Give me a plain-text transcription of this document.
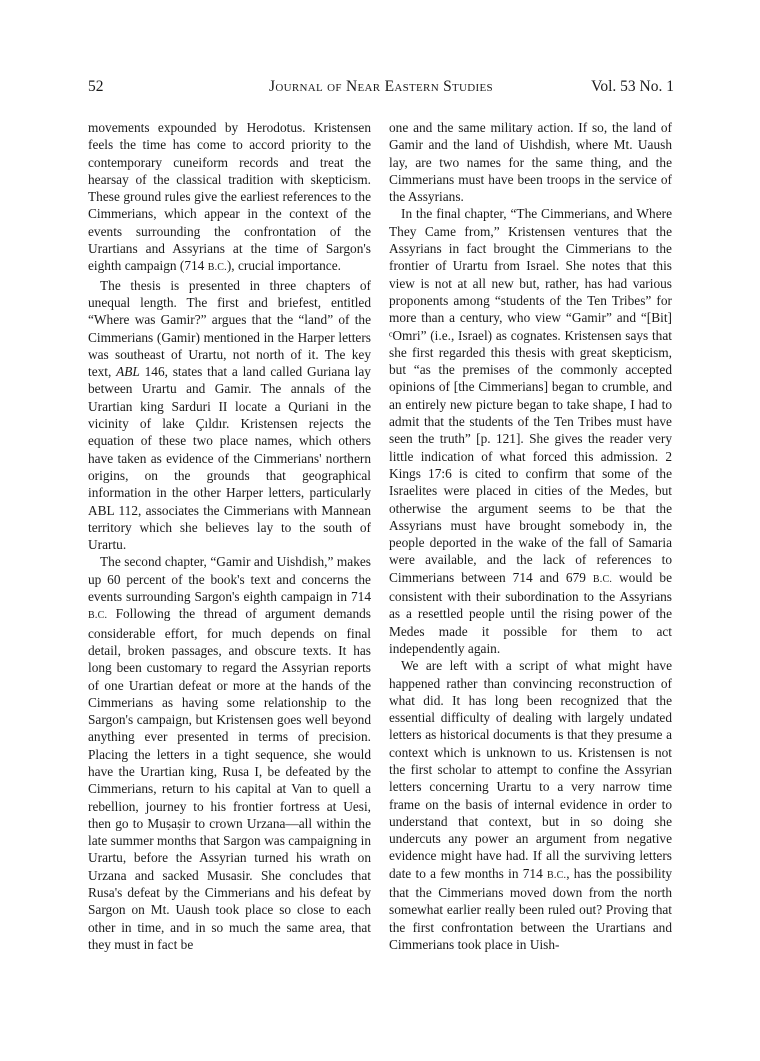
52	Journal of Near Eastern Studies	Vol. 53 No. 1

movements expounded by Herodotus. Kristensen feels the time has come to accord priority to the contemporary cuneiform records and treat the hearsay of the classical tradition with skepticism. These ground rules give the earliest references to the Cimmerians, which appear in the context of the events surrounding the confrontation of the Urartians and Assyrians at the time of Sargon's eighth campaign (714 B.C.), crucial importance.

The thesis is presented in three chapters of unequal length. The first and briefest, entitled “Where was Gamir?” argues that the “land” of the Cimmerians (Gamir) mentioned in the Harper letters was southeast of Urartu, not north of it. The key text, ABL 146, states that a land called Guriana lay between Urartu and Gamir. The annals of the Urartian king Sarduri II locate a Quriani in the vicinity of lake Çıldır. Kristensen rejects the equation of these two place names, which others have taken as evidence of the Cimmerians' northern origins, on the grounds that geographical information in the other Harper letters, particularly ABL 112, associates the Cimmerians with Mannean territory which she believes lay to the south of Urartu.

The second chapter, “Gamir and Uishdish,” makes up 60 percent of the book's text and concerns the events surrounding Sargon's eighth campaign in 714 B.C. Following the thread of argument demands considerable effort, for much depends on final detail, broken passages, and obscure texts. It has long been customary to regard the Assyrian reports of one Urartian defeat or more at the hands of the Cimmerians as having some relationship to the Sargon's campaign, but Kristensen goes well beyond anything ever presented in terms of precision. Placing the letters in a tight sequence, she would have the Urartian king, Rusa I, be defeated by the Cimmerians, return to his capital at Van to quell a rebellion, journey to his frontier fortress at Uesi, then go to Muṣaṣir to crown Urzana—all within the late summer months that Sargon was campaigning in Urartu, before the Assyrian turned his wrath on Urzana and sacked Musasir. She concludes that Rusa's defeat by the Cimmerians and his defeat by Sargon on Mt. Uaush took place so close to each other in time, and in so much the same area, that they must in fact be

one and the same military action. If so, the land of Gamir and the land of Uishdish, where Mt. Uaush lay, are two names for the same thing, and the Cimmerians must have been troops in the service of the Assyrians.

In the final chapter, “The Cimmerians, and Where They Came from,” Kristensen ventures that the Assyrians in fact brought the Cimmerians to the frontier of Urartu from Israel. She notes that this view is not at all new but, rather, has had various proponents among “students of the Ten Tribes” for more than a century, who view “Gamir” and “[Bit] ᶜOmri” (i.e., Israel) as cognates. Kristensen says that she first regarded this thesis with great skepticism, but “as the premises of the commonly accepted opinions of [the Cimmerians] began to crumble, and an entirely new picture began to take shape, I had to admit that the students of the Ten Tribes must have seen the truth” [p. 121]. She gives the reader very little indication of what forced this admission. 2 Kings 17:6 is cited to confirm that some of the Israelites were placed in cities of the Medes, but otherwise the argument seems to be that the Assyrians must have brought somebody in, the people deported in the wake of the fall of Samaria were available, and the lack of references to Cimmerians between 714 and 679 B.C. would be consistent with their subordination to the Assyrians as a resettled people until the rising power of the Medes made it possible for them to act independently again.

We are left with a script of what might have happened rather than convincing reconstruction of what did. It has long been recognized that the essential difficulty of dealing with largely undated letters as historical documents is that they presume a context which is unknown to us. Kristensen is not the first scholar to attempt to confine the Assyrian letters concerning Urartu to a very narrow time frame on the basis of internal evidence in order to understand that context, but in so doing she undercuts any power an argument from negative evidence might have had. If all the surviving letters date to a few months in 714 B.C., has the possibility that the Cimmerians moved down from the north somewhat earlier really been ruled out? Proving that the first confrontation between the Urartians and Cimmerians took place in Uish-
